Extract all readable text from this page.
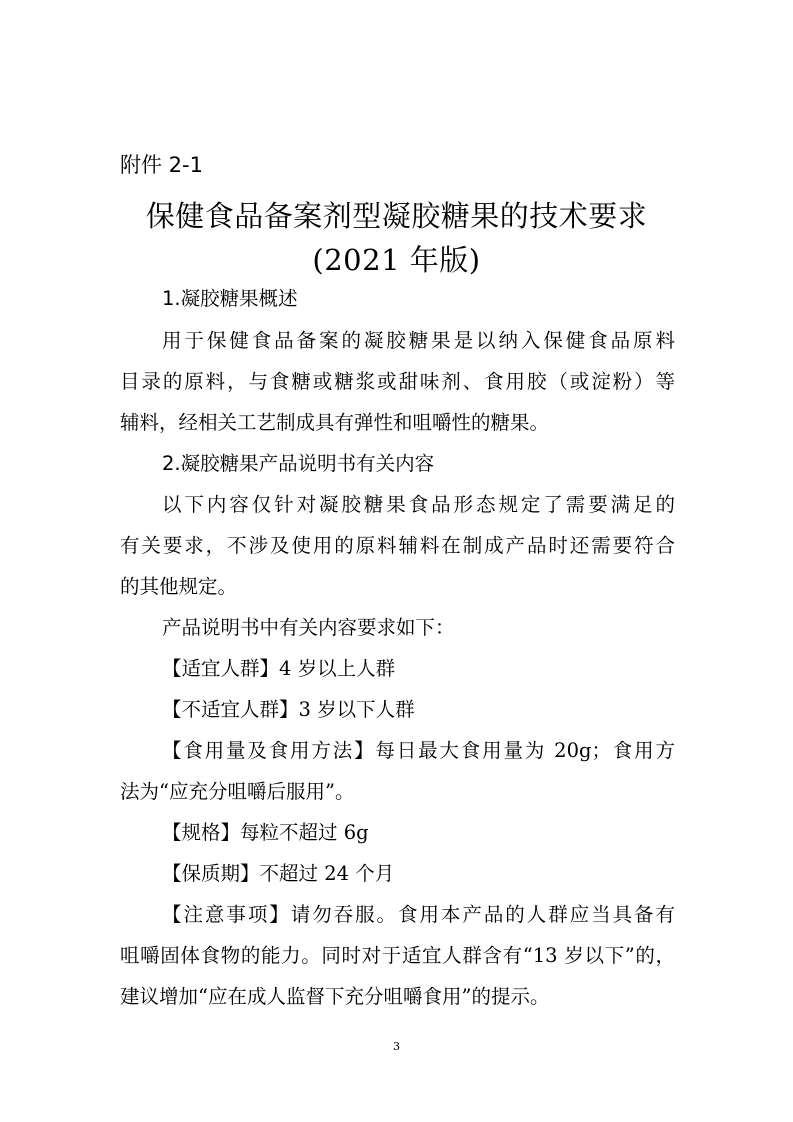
附件 2-1
保健食品备案剂型凝胶糖果的技术要求
(2021 年版)
1.凝胶糖果概述
用于保健食品备案的凝胶糖果是以纳入保健食品原料
目录的原料，与食糖或糖浆或甜味剂、食用胶（或淀粉）等
辅料，经相关工艺制成具有弹性和咀嚼性的糖果。
2.凝胶糖果产品说明书有关内容
以下内容仅针对凝胶糖果食品形态规定了需要满足的
有关要求，不涉及使用的原料辅料在制成产品时还需要符合
的其他规定。
产品说明书中有关内容要求如下：
【适宜人群】4 岁以上人群
【不适宜人群】3 岁以下人群
【食用量及食用方法】每日最大食用量为 20g；食用方
法为“应充分咀嚼后服用”。
【规格】每粒不超过 6g
【保质期】不超过 24 个月
【注意事项】请勿吞服。食用本产品的人群应当具备有
咀嚼固体食物的能力。同时对于适宜人群含有“13 岁以下”的，
建议增加“应在成人监督下充分咀嚼食用”的提示。
3
